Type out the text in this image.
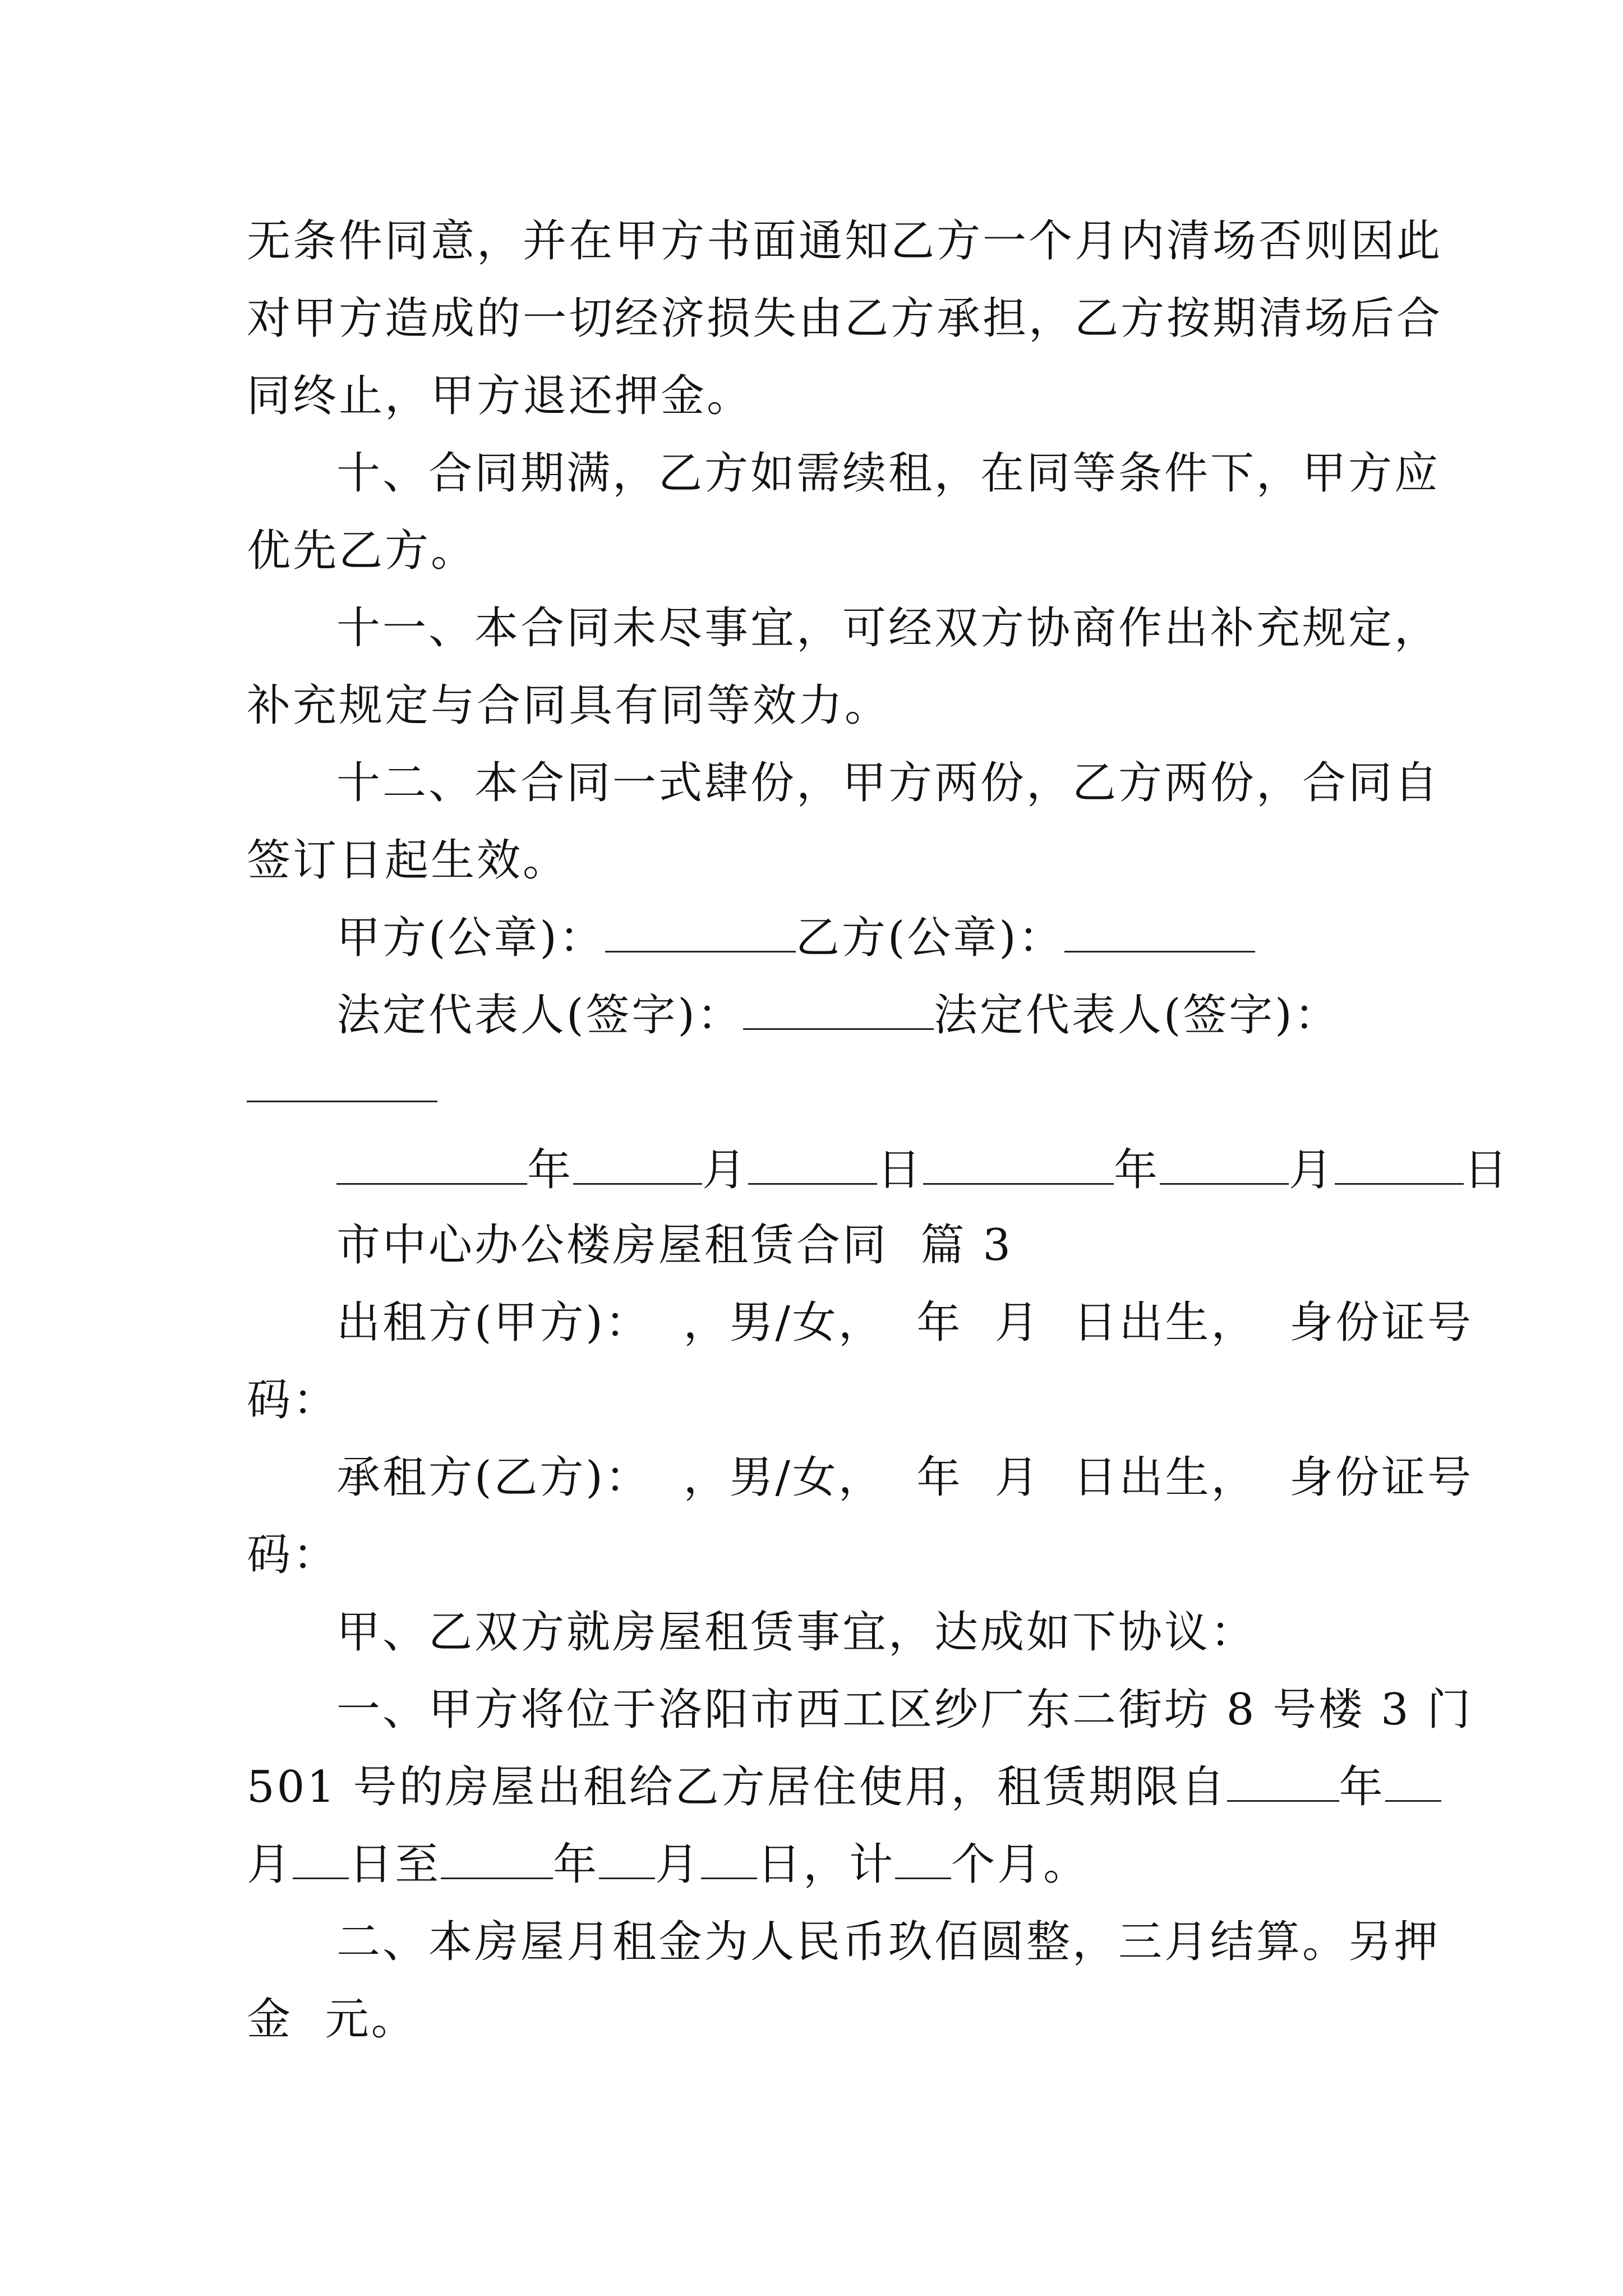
无条件同意，并在甲方书面通知乙方一个月内清场否则因此
对甲方造成的一切经济损失由乙方承担，乙方按期清场后合
同终止，甲方退还押金。
十、合同期满，乙方如需续租，在同等条件下，甲方应
优先乙方。
十一、本合同未尽事宜，可经双方协商作出补充规定，
补充规定与合同具有同等效力。
十二、本合同一式肆份，甲方两份，乙方两份，合同自
签订日起生效。
甲方(公章)：	乙方(公章)：
法定代表人(签字)：	法定代表人(签字)：
年	月	日	年	月	日
市中心办公楼房屋租赁合同  篇 3
出租方(甲方)：  ，男/女，  年  月  日出生，  身份证号
码：
承租方(乙方)：  ，男/女，  年  月  日出生，  身份证号
码：
甲、乙双方就房屋租赁事宜，达成如下协议：
一、甲方将位于洛阳市西工区纱厂东二街坊 8 号楼 3 门
501 号的房屋出租给乙方居住使用，租赁期限自	年
月 日至	年 月 日，计 个月。
二、本房屋月租金为人民币玖佰圆整，三月结算。另押
金  元。
